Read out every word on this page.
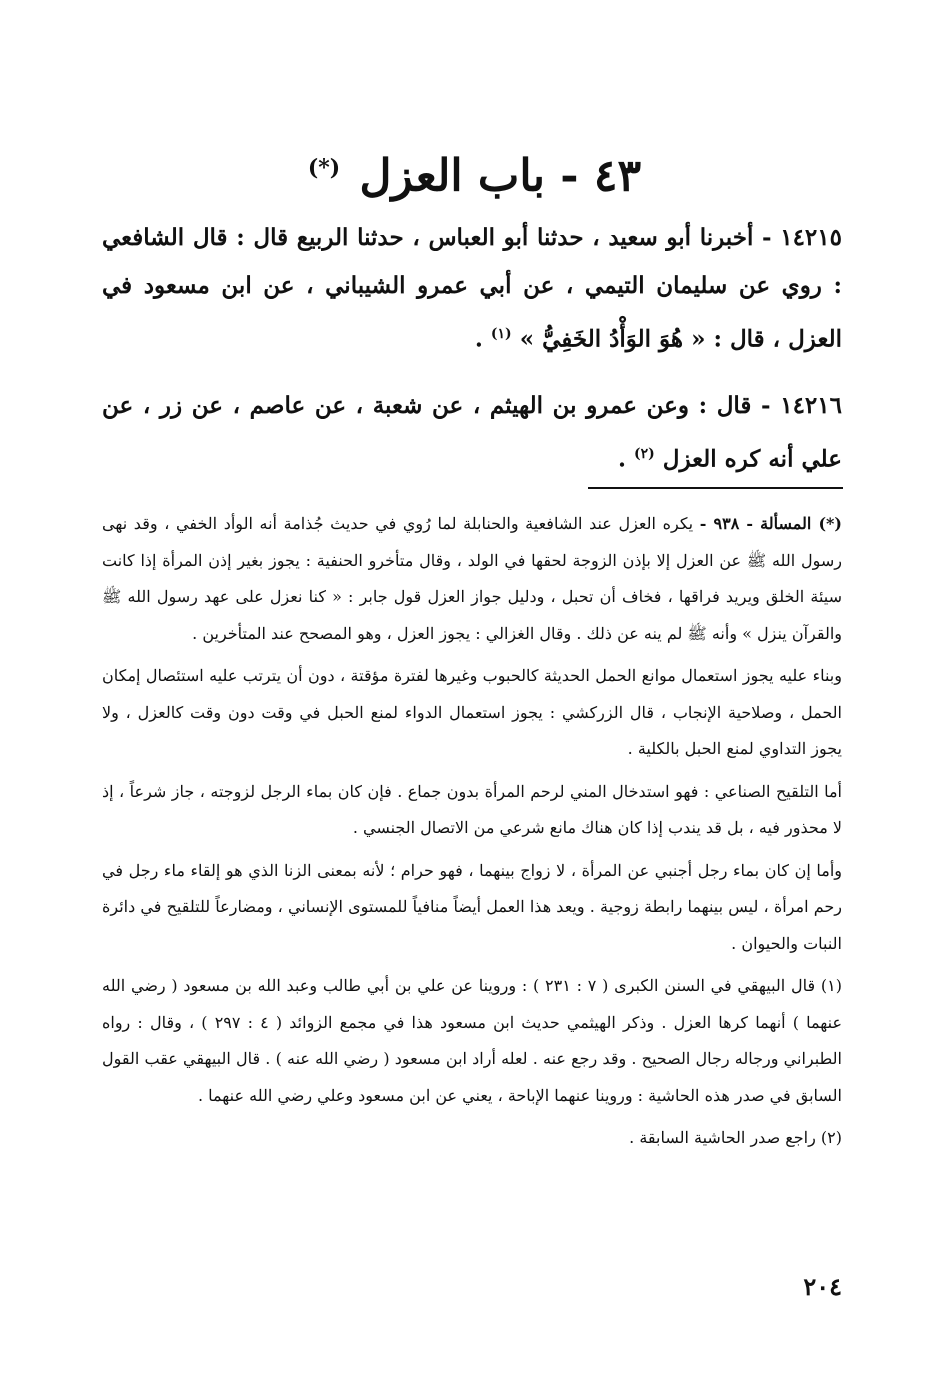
٤٣ - باب العزل (*)

١٤٢١٥ - أخبرنا أبو سعيد ، حدثنا أبو العباس ، حدثنا الربيع قال : قال الشافعي : روي عن سليمان التيمي ، عن أبي عمرو الشيباني ، عن ابن مسعود في العزل ، قال : « هُوَ الوَأْدُ الخَفِيُّ » $^{(١)}$ .

١٤٢١٦ - قال : وعن عمرو بن الهيثم ، عن شعبة ، عن عاصم ، عن زر ، عن علي أنه كره العزل $^{(٢)}$ .

(*) المسألة - ٩٣٨ - يكره العزل عند الشافعية والحنابلة لما رُوي في حديث جُذامة أنه الوأد الخفي ، وقد نهى رسول الله ﷺ عن العزل إلا بإذن الزوجة لحقها في الولد ، وقال متأخرو الحنفية : يجوز بغير إذن المرأة إذا كانت سيئة الخلق ويريد فراقها ، فخاف أن تحبل ، ودليل جواز العزل قول جابر : « كنا نعزل على عهد رسول الله ﷺ والقرآن ينزل » وأنه ﷺ لم ينه عن ذلك . وقال الغزالي : يجوز العزل ، وهو المصحح عند المتأخرين .

وبناء عليه يجوز استعمال موانع الحمل الحديثة كالحبوب وغيرها لفترة مؤقتة ، دون أن يترتب عليه استئصال إمكان الحمل ، وصلاحية الإنجاب ، قال الزركشي : يجوز استعمال الدواء لمنع الحبل في وقت دون وقت كالعزل ، ولا يجوز التداوي لمنع الحبل بالكلية .

أما التلقيح الصناعي : فهو استدخال المني لرحم المرأة بدون جماع . فإن كان بماء الرجل لزوجته ، جاز شرعاً ، إذ لا محذور فيه ، بل قد يندب إذا كان هناك مانع شرعي من الاتصال الجنسي .

وأما إن كان بماء رجل أجنبي عن المرأة ، لا زواج بينهما ، فهو حرام ؛ لأنه بمعنى الزنا الذي هو إلقاء ماء رجل في رحم امرأة ، ليس بينهما رابطة زوجية . ويعد هذا العمل أيضاً منافياً للمستوى الإنساني ، ومضارعاً للتلقيح في دائرة النبات والحيوان .

(١) قال البيهقي في السنن الكبرى ( ٧ : ٢٣١ ) : وروينا عن علي بن أبي طالب وعبد الله بن مسعود ( رضي الله عنهما ) أنهما كرها العزل . وذكر الهيثمي حديث ابن مسعود هذا في مجمع الزوائد ( ٤ : ٢٩٧ ) ، وقال : رواه الطبراني ورجاله رجال الصحيح . وقد رجع عنه . لعله أراد ابن مسعود ( رضي الله عنه ) . قال البيهقي عقب القول السابق في صدر هذه الحاشية : وروينا عنهما الإباحة ، يعني عن ابن مسعود وعلي رضي الله عنهما .

(٢) راجع صدر الحاشية السابقة .

٢٠٤
